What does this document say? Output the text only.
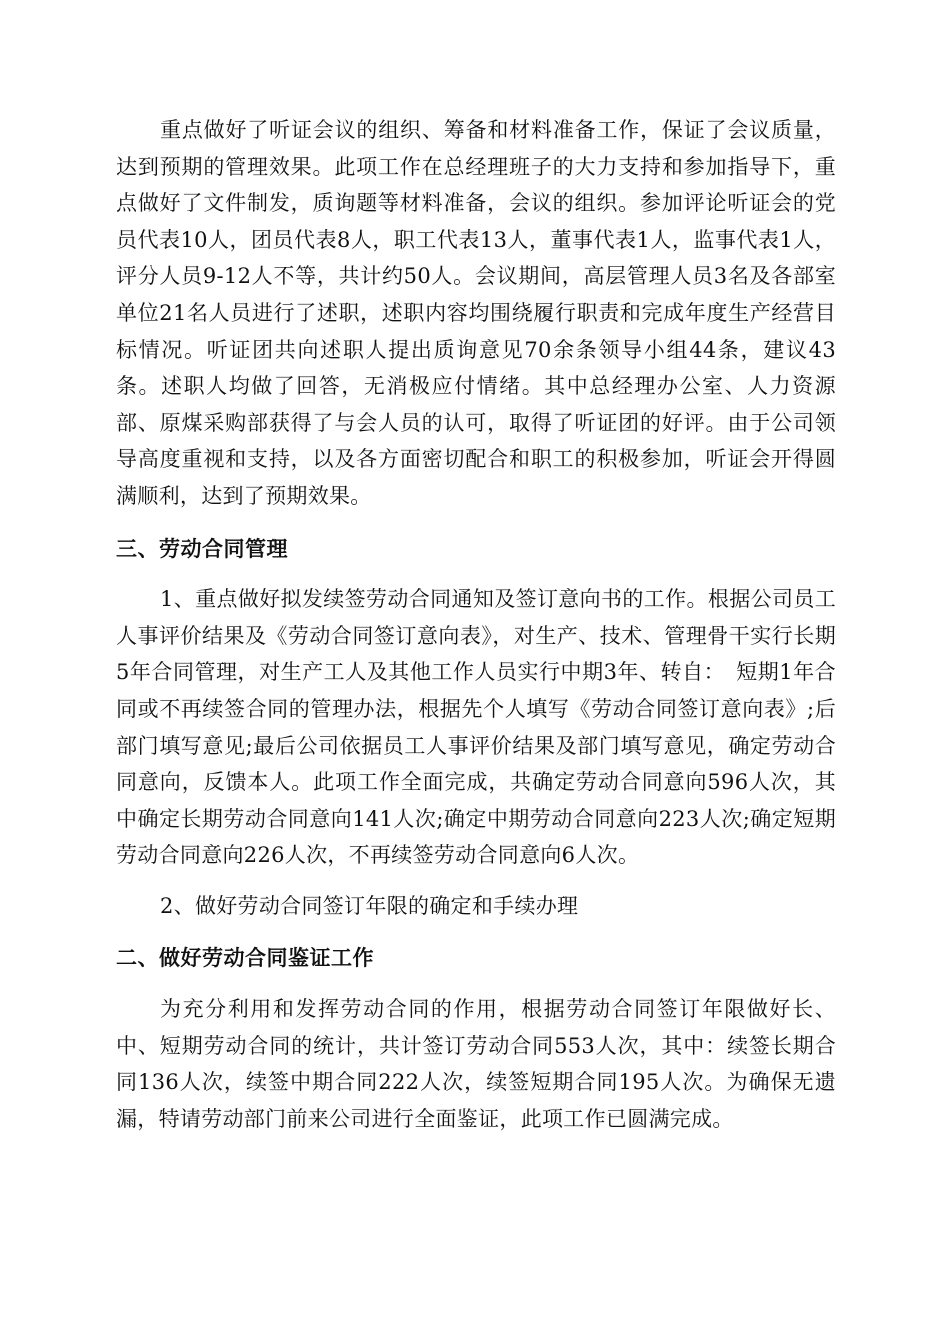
重点做好了听证会议的组织、筹备和材料准备工作，保证了会议质量，达到预期的管理效果。此项工作在总经理班子的大力支持和参加指导下，重点做好了文件制发，质询题等材料准备，会议的组织。参加评论听证会的党员代表10人，团员代表8人，职工代表13人，董事代表1人，监事代表1人，评分人员9-12人不等，共计约50人。会议期间，高层管理人员3名及各部室单位21名人员进行了述职，述职内容均围绕履行职责和完成年度生产经营目标情况。听证团共向述职人提出质询意见70余条领导小组44条，建议43条。述职人均做了回答，无消极应付情绪。其中总经理办公室、人力资源部、原煤采购部获得了与会人员的认可，取得了听证团的好评。由于公司领导高度重视和支持，以及各方面密切配合和职工的积极参加，听证会开得圆满顺利，达到了预期效果。

三、劳动合同管理

1、重点做好拟发续签劳动合同通知及签订意向书的工作。根据公司员工人事评价结果及《劳动合同签订意向表》，对生产、技术、管理骨干实行长期5年合同管理，对生产工人及其他工作人员实行中期3年、转自：　短期1年合同或不再续签合同的管理办法，根据先个人填写《劳动合同签订意向表》;后部门填写意见;最后公司依据员工人事评价结果及部门填写意见，确定劳动合同意向，反馈本人。此项工作全面完成，共确定劳动合同意向596人次，其中确定长期劳动合同意向141人次;确定中期劳动合同意向223人次;确定短期劳动合同意向226人次，不再续签劳动合同意向6人次。

2、做好劳动合同签订年限的确定和手续办理

二、做好劳动合同鉴证工作

为充分利用和发挥劳动合同的作用，根据劳动合同签订年限做好长、中、短期劳动合同的统计，共计签订劳动合同553人次，其中：续签长期合同136人次，续签中期合同222人次，续签短期合同195人次。为确保无遗漏，特请劳动部门前来公司进行全面鉴证，此项工作已圆满完成。
